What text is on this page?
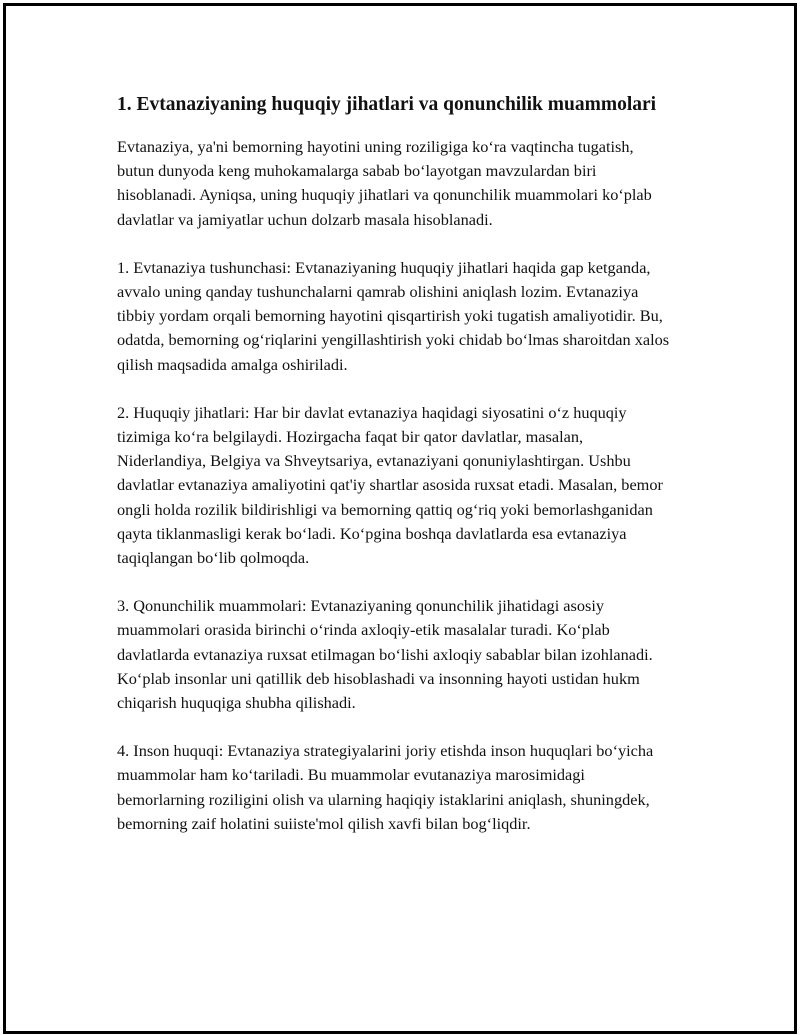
1. Evtanaziyaning huquqiy jihatlari va qonunchilik muammolari

Evtanaziya, ya'ni bemorning hayotini uning roziligiga ko‘ra vaqtincha tugatish, butun dunyoda keng muhokamalarga sabab bo‘layotgan mavzulardan biri hisoblanadi. Ayniqsa, uning huquqiy jihatlari va qonunchilik muammolari ko‘plab davlatlar va jamiyatlar uchun dolzarb masala hisoblanadi.

1. Evtanaziya tushunchasi: Evtanaziyaning huquqiy jihatlari haqida gap ketganda, avvalo uning qanday tushunchalarni qamrab olishini aniqlash lozim. Evtanaziya tibbiy yordam orqali bemorning hayotini qisqartirish yoki tugatish amaliyotidir. Bu, odatda, bemorning og‘riqlarini yengillashtirish yoki chidab bo‘lmas sharoitdan xalos qilish maqsadida amalga oshiriladi.

2. Huquqiy jihatlari: Har bir davlat evtanaziya haqidagi siyosatini o‘z huquqiy tizimiga ko‘ra belgilaydi. Hozirgacha faqat bir qator davlatlar, masalan, Niderlandiya, Belgiya va Shveytsariya, evtanaziyani qonuniylashtirgan. Ushbu davlatlar evtanaziya amaliyotini qat'iy shartlar asosida ruxsat etadi. Masalan, bemor ongli holda rozilik bildirishligi va bemorning qattiq og‘riq yoki bemorlashganidan qayta tiklanmasligi kerak bo‘ladi. Ko‘pgina boshqa davlatlarda esa evtanaziya taqiqlangan bo‘lib qolmoqda.

3. Qonunchilik muammolari: Evtanaziyaning qonunchilik jihatidagi asosiy muammolari orasida birinchi o‘rinda axloqiy-etik masalalar turadi. Ko‘plab davlatlarda evtanaziya ruxsat etilmagan bo‘lishi axloqiy sabablar bilan izohlanadi. Ko‘plab insonlar uni qatillik deb hisoblashadi va insonning hayoti ustidan hukm chiqarish huquqiga shubha qilishadi.

4. Inson huquqi: Evtanaziya strategiyalarini joriy etishda inson huquqlari bo‘yicha muammolar ham ko‘tariladi. Bu muammolar evutanaziya marosimidagi bemorlarning roziligini olish va ularning haqiqiy istaklarini aniqlash, shuningdek, bemorning zaif holatini suiiste'mol qilish xavfi bilan bog‘liqdir.
